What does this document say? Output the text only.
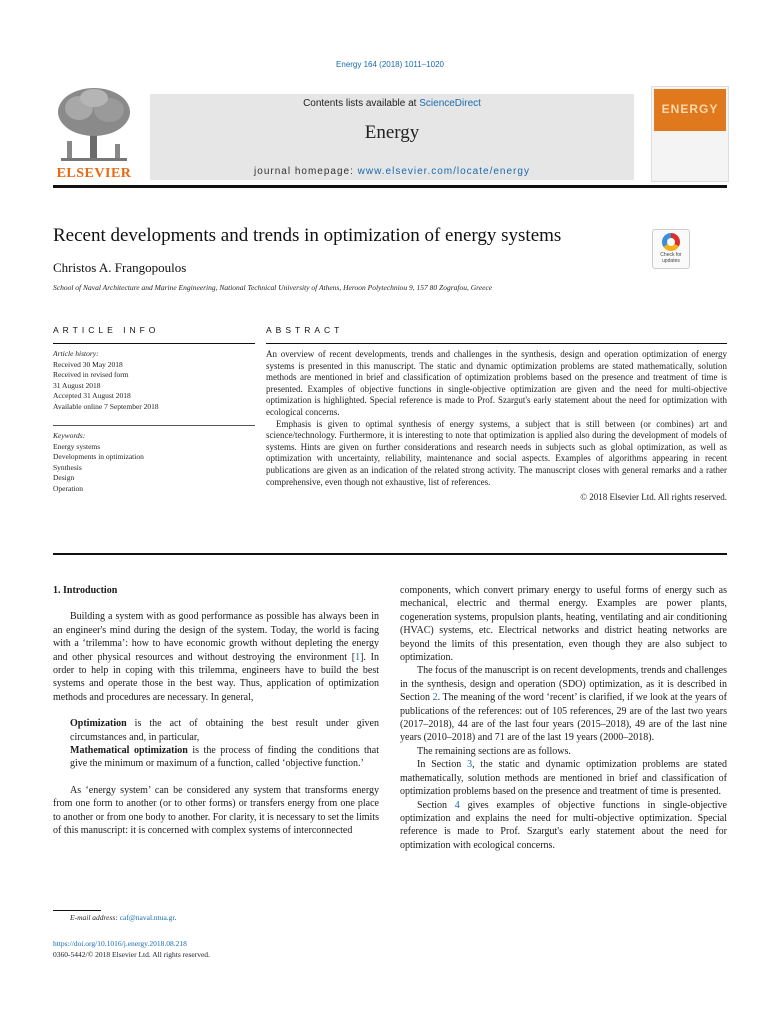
Energy 164 (2018) 1011–1020
ELSEVIER
Contents lists available at ScienceDirect
Energy
journal homepage: www.elsevier.com/locate/energy
ENERGY
Recent developments and trends in optimization of energy systems
Check for updates
Christos A. Frangopoulos
School of Naval Architecture and Marine Engineering, National Technical University of Athens, Heroon Polytechniou 9, 157 80 Zografou, Greece
ARTICLE INFO	ABSTRACT
Article history:
Received 30 May 2018
Received in revised form
31 August 2018
Accepted 31 August 2018
Available online 7 September 2018
Keywords:
Energy systems
Developments in optimization
Synthesis
Design
Operation

An overview of recent developments, trends and challenges in the synthesis, design and operation optimization of energy systems is presented in this manuscript. The static and dynamic optimization problems are stated mathematically, solution methods are mentioned in brief and classification of optimization problems based on the presence and treatment of time is presented. Examples of objective functions in single-objective optimization are given and the need for multi-objective optimization is highlighted. Special reference is made to Prof. Szargut's early statement about the need for optimization with ecological concerns.

Emphasis is given to optimal synthesis of energy systems, a subject that is still between (or combines) art and science/technology. Furthermore, it is interesting to note that optimization is applied also during the development of models of systems. Hints are given on further considerations and research needs in subjects such as global optimization, as well as optimization with uncertainty, reliability, maintenance and social aspects. Examples of algorithms appearing in recent publications are given as an indication of the related strong activity. The manuscript closes with general remarks and a rather comprehensive, even though not exhaustive, list of references.

© 2018 Elsevier Ltd. All rights reserved.
1. Introduction

Building a system with as good performance as possible has always been in an engineer's mind during the design of the system. Today, the world is facing with a ‘trilemma’: how to have economic growth without depleting the energy and other physical resources and without destroying the environment [1]. In order to help in coping with this trilemma, engineers have to build the best systems and operate those in the best way. Thus, application of optimization methods and procedures are necessary. In general,

Optimization is the act of obtaining the best result under given circumstances and, in particular,

Mathematical optimization is the process of finding the conditions that give the minimum or maximum of a function, called ‘objective function.’

As ‘energy system’ can be considered any system that transforms energy from one form to another (or to other forms) or transfers energy from one place to another or from one body to another. For clarity, it is necessary to set the limits of this manuscript: it is concerned with complex systems of interconnected

components, which convert primary energy to useful forms of energy such as mechanical, electric and thermal energy. Examples are power plants, cogeneration systems, propulsion plants, heating, ventilating and air conditioning (HVAC) systems, etc. Electrical networks and district heating networks are beyond the limits of this presentation, even though they are also subject to optimization.

The focus of the manuscript is on recent developments, trends and challenges in the synthesis, design and operation (SDO) optimization, as it is described in Section 2. The meaning of the word ‘recent’ is clarified, if we look at the years of publications of the references: out of 105 references, 29 are of the last two years (2017–2018), 44 are of the last four years (2015–2018), 49 are of the last nine years (2010–2018) and 71 are of the last 19 years (2000–2018).

The remaining sections are as follows.

In Section 3, the static and dynamic optimization problems are stated mathematically, solution methods are mentioned in brief and classification of optimization problems based on the presence and treatment of time is presented.

Section 4 gives examples of objective functions in single-objective optimization and explains the need for multi-objective optimization. Special reference is made to Prof. Szargut's early statement about the need for optimization with ecological concerns.

E-mail address: caf@naval.ntua.gr.
https://doi.org/10.1016/j.energy.2018.08.218
0360-5442/© 2018 Elsevier Ltd. All rights reserved.
